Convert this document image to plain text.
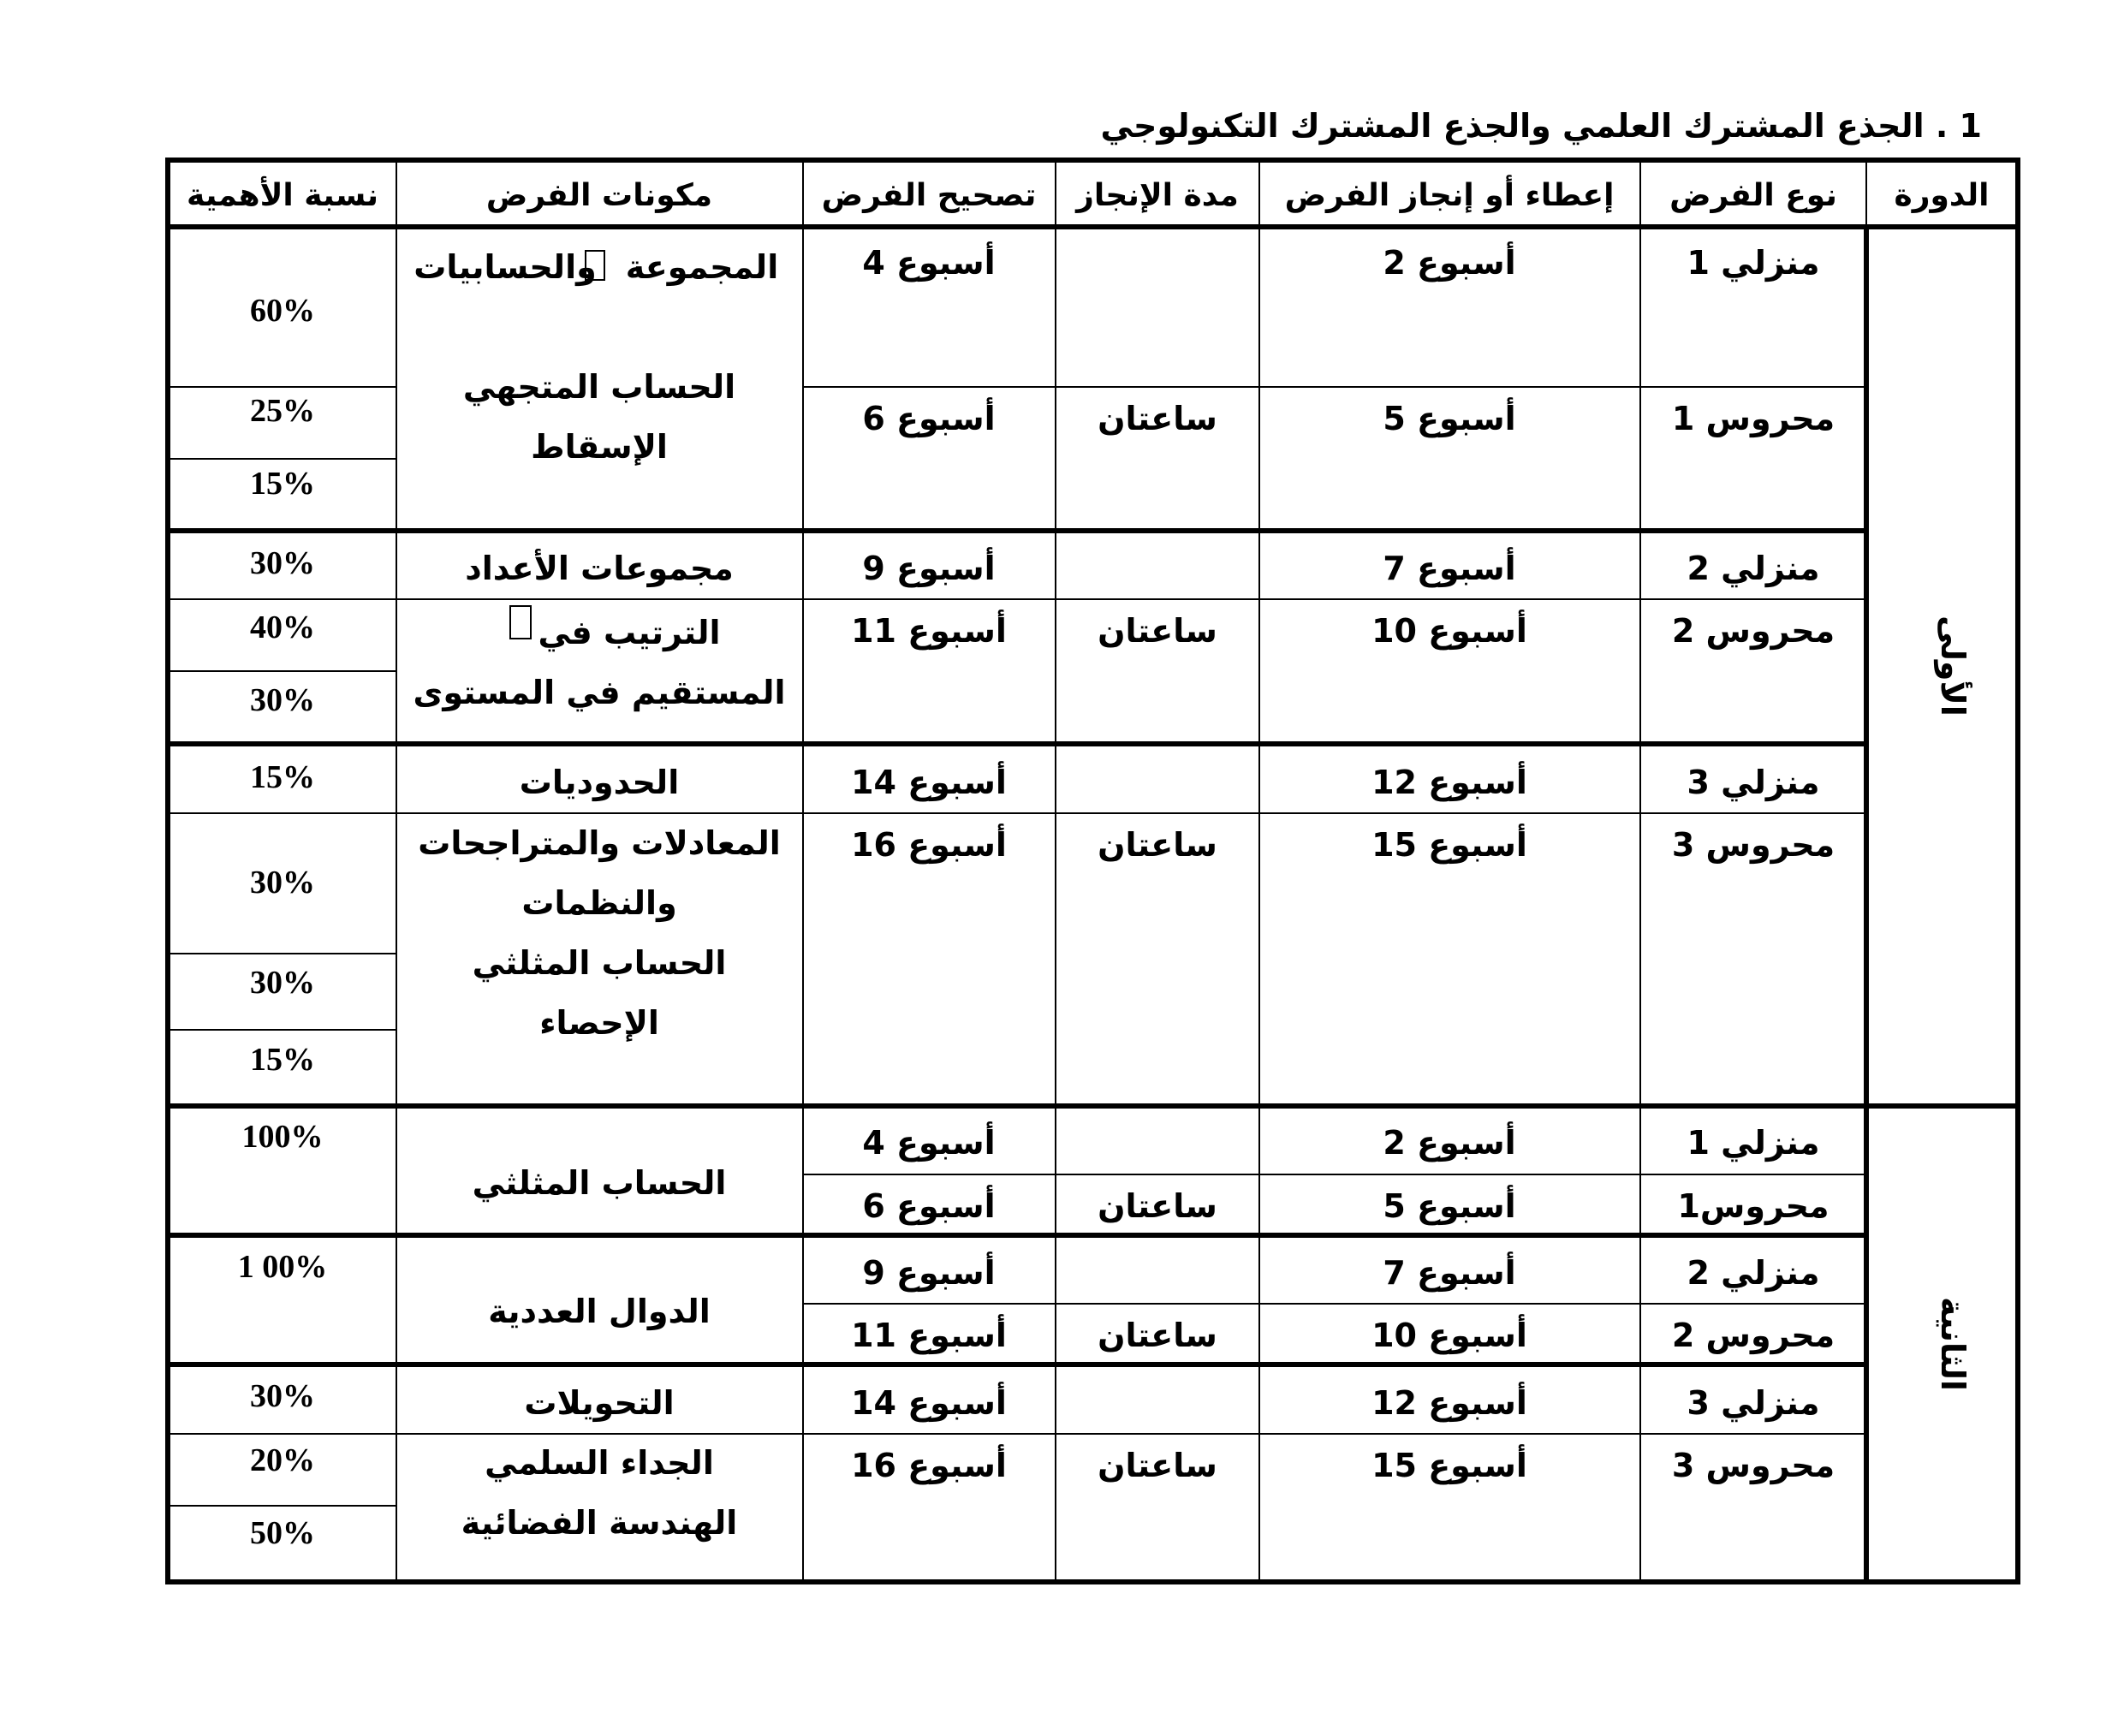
1 . الجذع المشترك العلمي والجذع المشترك التكنولوجي
الدورة
نوع الفرض
إعطاء أو إنجاز الفرض
مدة الإنجاز
تصحيح الفرض
مكونات الفرض
نسبة الأهمية
الأولى
الثانية
منزلي 1
أسبوع 2
أسبوع 4
محروس 1
أسبوع 5
ساعتان
أسبوع 6
منزلي 2
أسبوع 7
أسبوع 9
محروس 2
أسبوع 10
ساعتان
أسبوع 11
منزلي 3
أسبوع 12
أسبوع 14
محروس 3
أسبوع 15
ساعتان
أسبوع 16
منزلي 1
أسبوع 2
أسبوع 4
محروس1
أسبوع 5
ساعتان
أسبوع 6
منزلي 2
أسبوع 7
أسبوع 9
محروس 2
أسبوع 10
ساعتان
أسبوع 11
منزلي 3
أسبوع 12
أسبوع 14
محروس 3
أسبوع 15
ساعتان
أسبوع 16
المجموعة
والحسابيات
الحساب المتجهي
الإسقاط
مجموعات الأعداد
الترتيب في
المستقيم في المستوى
الحدوديات
المعادلات والمتراجحات
والنظمات
الحساب المثلثي
الإحصاء
الحساب المثلثي
الدوال العددية
التحويلات
الجداء السلمي
الهندسة الفضائية
60%
25%
15%
30%
40%
30%
15%
30%
30%
15%
100%
1 00%
30%
20%
50%
